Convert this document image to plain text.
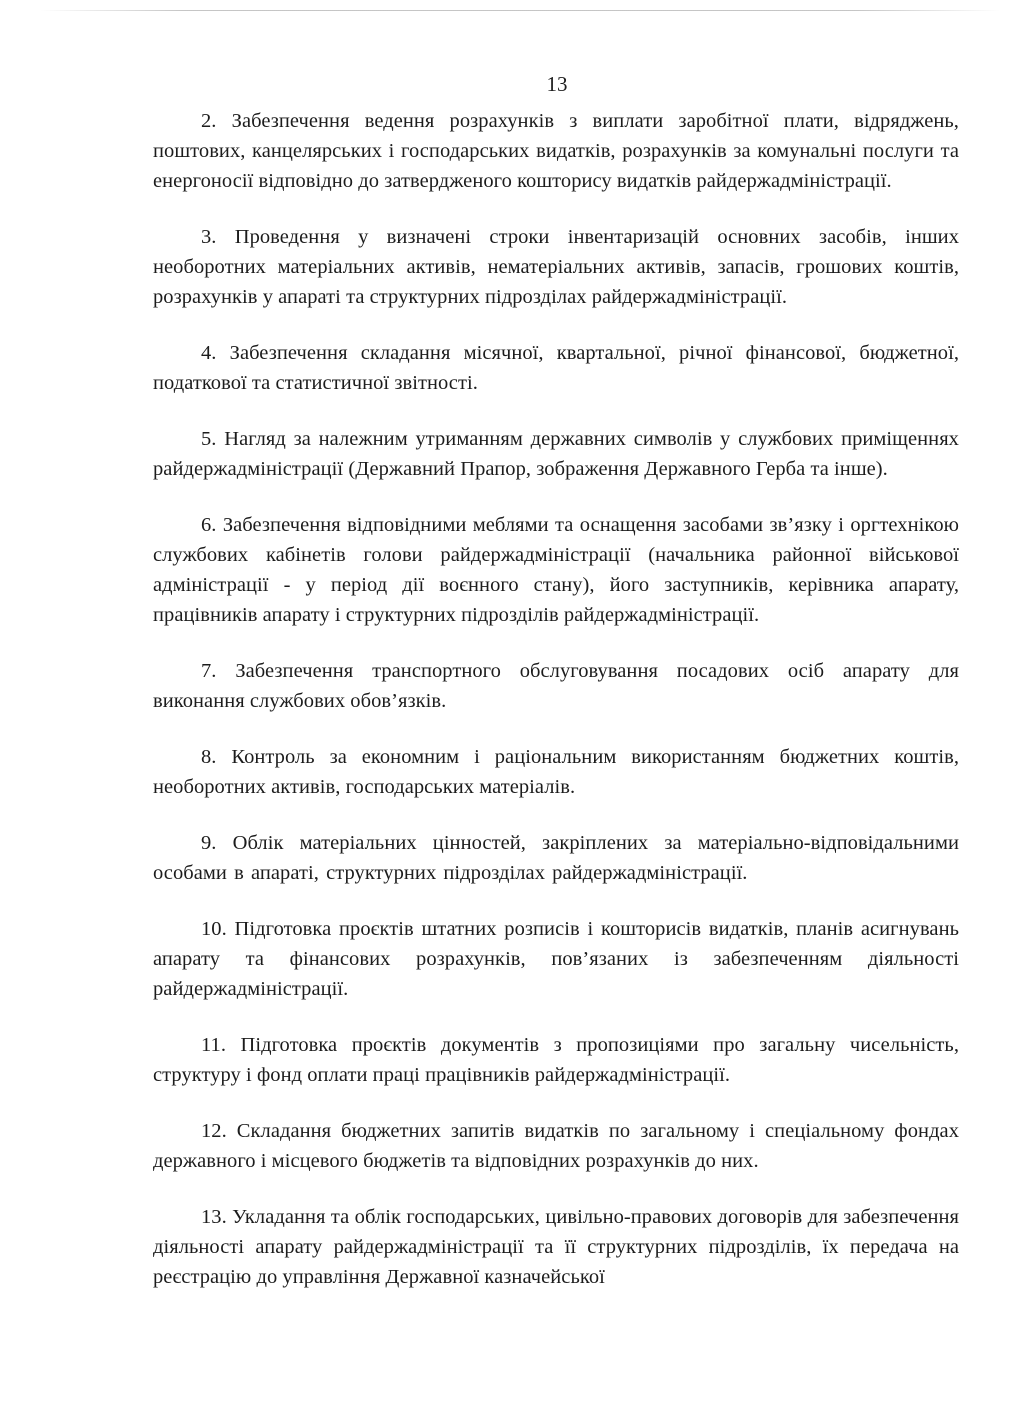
13

2. Забезпечення ведення розрахунків з виплати заробітної плати, відряджень, поштових, канцелярських і господарських видатків, розрахунків за комунальні послуги та енергоносії відповідно до затвердженого кошторису видатків райдержадміністрації.

3. Проведення у визначені строки інвентаризацій основних засобів, інших необоротних матеріальних активів, нематеріальних активів, запасів, грошових коштів, розрахунків у апараті та структурних підрозділах райдержадміністрації.

4. Забезпечення складання місячної, квартальної, річної фінансової, бюджетної, податкової та статистичної звітності.

5. Нагляд за належним утриманням державних символів у службових приміщеннях райдержадміністрації (Державний Прапор, зображення Державного Герба та інше).

6. Забезпечення відповідними меблями та оснащення засобами зв’язку і оргтехнікою службових кабінетів голови райдержадміністрації (начальника районної військової адміністрації - у період дії воєнного стану), його заступників, керівника апарату, працівників апарату і структурних підрозділів райдержадміністрації.

7. Забезпечення транспортного обслуговування посадових осіб апарату для виконання службових обов’язків.

8. Контроль за економним і раціональним використанням бюджетних коштів, необоротних активів, господарських матеріалів.

9. Облік матеріальних цінностей, закріплених за матеріально-відповідальними особами в апараті, структурних підрозділах райдержадміністрації.

10. Підготовка проєктів штатних розписів і кошторисів видатків, планів асигнувань апарату та фінансових розрахунків, пов’язаних із забезпеченням діяльності райдержадміністрації.

11. Підготовка проєктів документів з пропозиціями про загальну чисельність, структуру і фонд оплати праці працівників райдержадміністрації.

12. Складання бюджетних запитів видатків по загальному і спеціальному фондах державного і місцевого бюджетів та відповідних розрахунків до них.

13. Укладання та облік господарських, цивільно-правових договорів для забезпечення діяльності апарату райдержадміністрації та її структурних підрозділів, їх передача на реєстрацію до управління Державної казначейської
